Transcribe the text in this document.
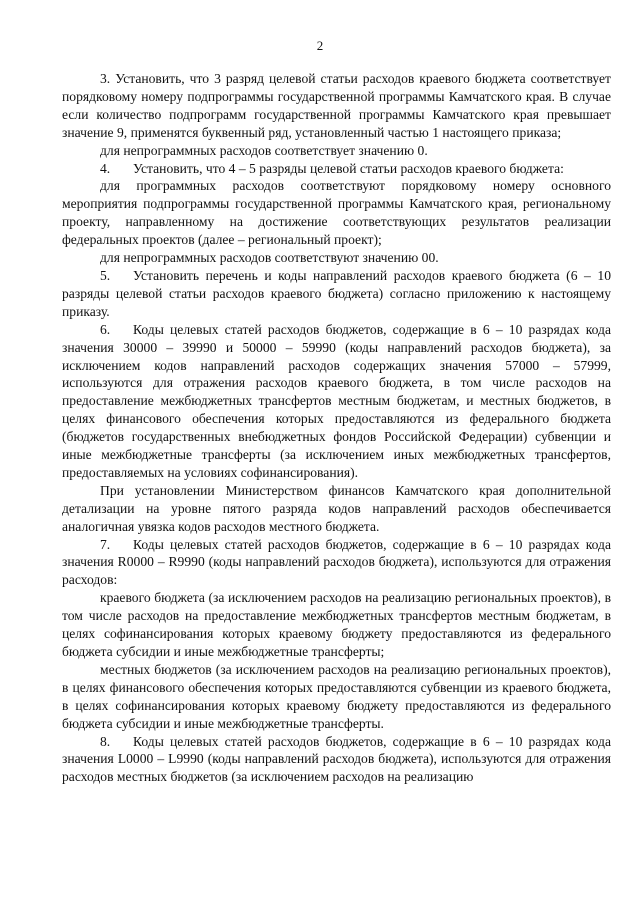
2

3. Установить, что 3 разряд целевой статьи расходов краевого бюджета соответствует порядковому номеру подпрограммы государственной программы Камчатского края. В случае если количество подпрограмм государственной программы Камчатского края превышает значение 9, применятся буквенный ряд, установленный частью 1 настоящего приказа;

для непрограммных расходов соответствует значению 0.

4. Установить, что 4 – 5 разряды целевой статьи расходов краевого бюджета:

для программных расходов соответствуют порядковому номеру основного мероприятия подпрограммы государственной программы Камчатского края, региональному проекту, направленному на достижение соответствующих результатов реализации федеральных проектов (далее – региональный проект);

для непрограммных расходов соответствуют значению 00.

5. Установить перечень и коды направлений расходов краевого бюджета (6 – 10 разряды целевой статьи расходов краевого бюджета) согласно приложению к настоящему приказу.

6. Коды целевых статей расходов бюджетов, содержащие в 6 – 10 разрядах кода значения 30000 – 39990 и 50000 – 59990 (коды направлений расходов бюджета), за исключением кодов направлений расходов содержащих значения 57000 – 57999, используются для отражения расходов краевого бюджета, в том числе расходов на предоставление межбюджетных трансфертов местным бюджетам, и местных бюджетов, в целях финансового обеспечения которых предоставляются из федерального бюджета (бюджетов государственных внебюджетных фондов Российской Федерации) субвенции и иные межбюджетные трансферты (за исключением иных межбюджетных трансфертов, предоставляемых на условиях софинансирования).

При установлении Министерством финансов Камчатского края дополнительной детализации на уровне пятого разряда кодов направлений расходов обеспечивается аналогичная увязка кодов расходов местного бюджета.

7. Коды целевых статей расходов бюджетов, содержащие в 6 – 10 разрядах кода значения R0000 – R9990 (коды направлений расходов бюджета), используются для отражения расходов:

краевого бюджета (за исключением расходов на реализацию региональных проектов), в том числе расходов на предоставление межбюджетных трансфертов местным бюджетам, в целях софинансирования которых краевому бюджету предоставляются из федерального бюджета субсидии и иные межбюджетные трансферты;

местных бюджетов (за исключением расходов на реализацию региональных проектов), в целях финансового обеспечения которых предоставляются субвенции из краевого бюджета, в целях софинансирования которых краевому бюджету предоставляются из федерального бюджета субсидии и иные межбюджетные трансферты.

8. Коды целевых статей расходов бюджетов, содержащие в 6 – 10 разрядах кода значения L0000 – L9990 (коды направлений расходов бюджета), используются для отражения расходов местных бюджетов (за исключением расходов на реализацию
